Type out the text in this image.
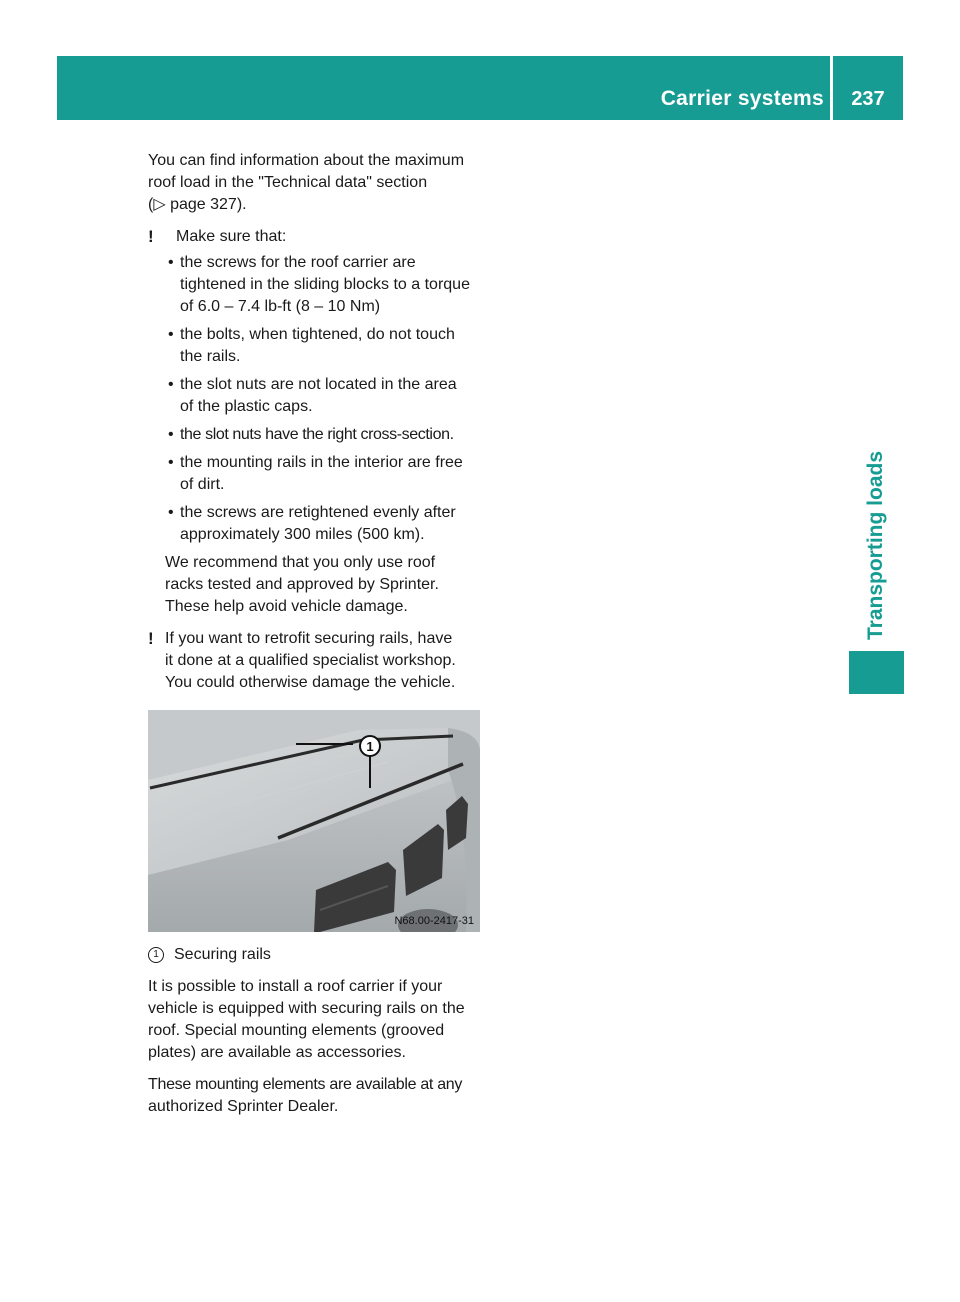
Carrier systems	237
Transporting loads
You can find information about the maximum
roof load in the "Technical data" section
(▷ page 327).
!	Make sure that:
• the screws for the roof carrier are
tightened in the sliding blocks to a torque
of 6.0 – 7.4 lb-ft (8 – 10 Nm)
• the bolts, when tightened, do not touch
the rails.
• the slot nuts are not located in the area
of the plastic caps.
• the slot nuts have the right cross-section.
• the mounting rails in the interior are free
of dirt.
• the screws are retightened evenly after
approximately 300 miles (500 km).
We recommend that you only use roof
racks tested and approved by Sprinter.
These help avoid vehicle damage.
! If you want to retrofit securing rails, have
it done at a qualified specialist workshop.
You could otherwise damage the vehicle.
1
N68.00-2417-31
1 Securing rails
It is possible to install a roof carrier if your
vehicle is equipped with securing rails on the
roof. Special mounting elements (grooved
plates) are available as accessories.
These mounting elements are available at any
authorized Sprinter Dealer.
